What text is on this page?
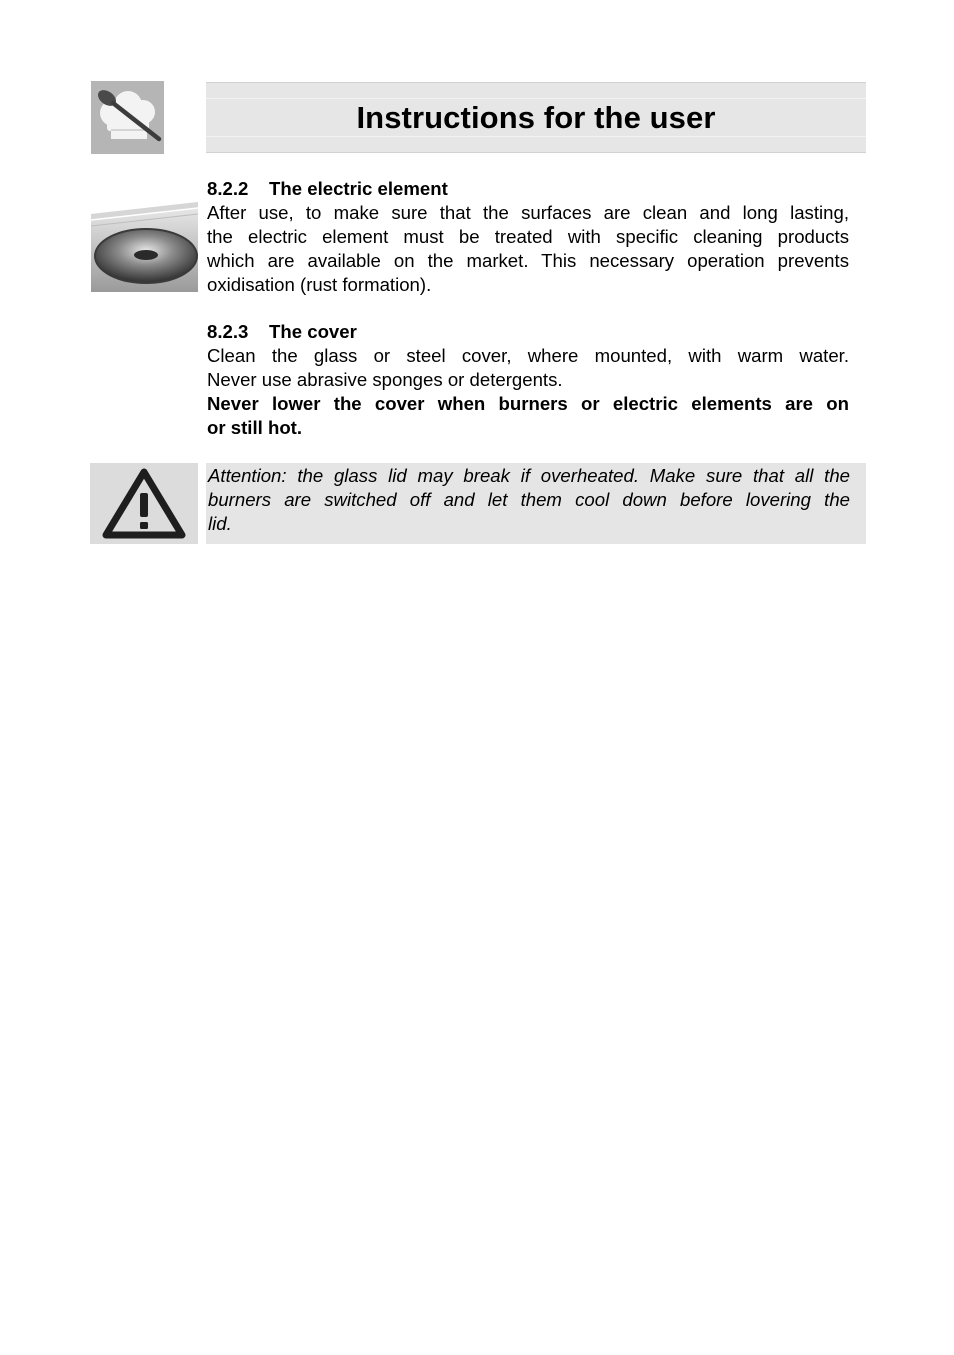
Instructions for the user
8.2.2 The electric element
After use, to make sure that the surfaces are clean and long lasting,
the electric element must be treated with specific cleaning products
which are available on the market. This necessary operation prevents
oxidisation (rust formation).
8.2.3 The cover
Clean the glass or steel cover, where mounted, with warm water.
Never use abrasive sponges or detergents.
Never lower the cover when burners or electric elements are on
or still hot.
Attention: the glass lid may break if overheated. Make sure that all the
burners are switched off and let them cool down before lovering the
lid.
